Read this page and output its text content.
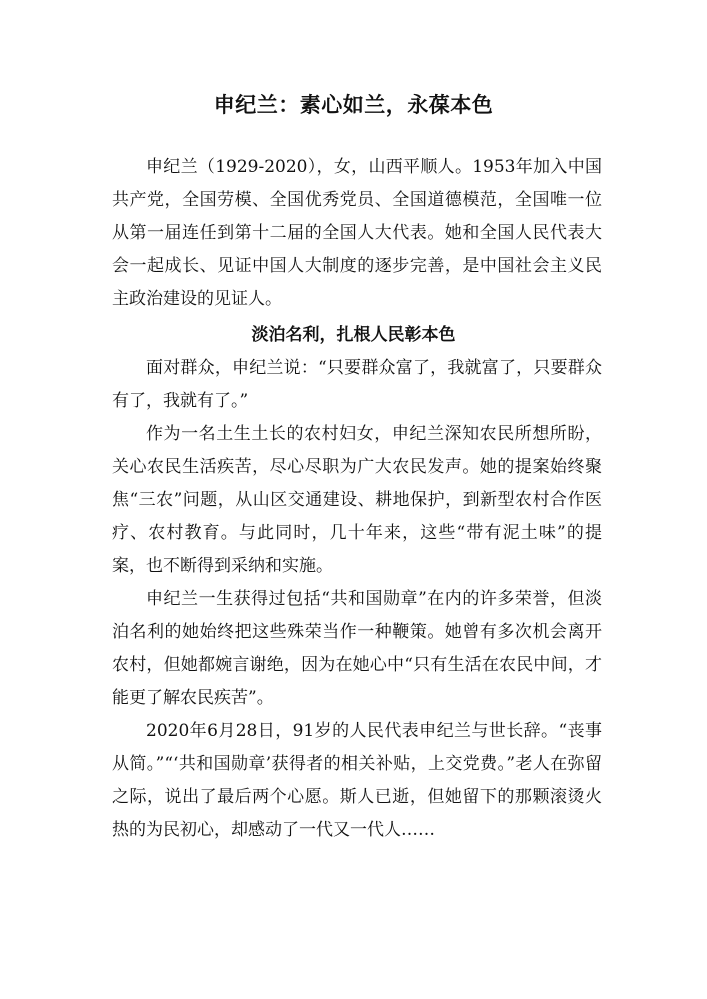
申纪兰：素心如兰，永葆本色

申纪兰（1929-2020），女，山西平顺人。1953年加入中国共产党，全国劳模、全国优秀党员、全国道德模范，全国唯一位从第一届连任到第十二届的全国人大代表。她和全国人民代表大会一起成长、见证中国人大制度的逐步完善，是中国社会主义民主政治建设的见证人。

淡泊名利，扎根人民彰本色

面对群众，申纪兰说：“只要群众富了，我就富了，只要群众有了，我就有了。”

作为一名土生土长的农村妇女，申纪兰深知农民所想所盼，关心农民生活疾苦，尽心尽职为广大农民发声。她的提案始终聚焦“三农”问题，从山区交通建设、耕地保护，到新型农村合作医疗、农村教育。与此同时，几十年来，这些“带有泥土味”的提案，也不断得到采纳和实施。

申纪兰一生获得过包括“共和国勋章”在内的许多荣誉，但淡泊名利的她始终把这些殊荣当作一种鞭策。她曾有多次机会离开农村，但她都婉言谢绝，因为在她心中“只有生活在农民中间，才能更了解农民疾苦”。

2020年6月28日，91岁的人民代表申纪兰与世长辞。“丧事从简。”“‘共和国勋章’获得者的相关补贴，上交党费。”老人在弥留之际，说出了最后两个心愿。斯人已逝，但她留下的那颗滚烫火热的为民初心，却感动了一代又一代人……
